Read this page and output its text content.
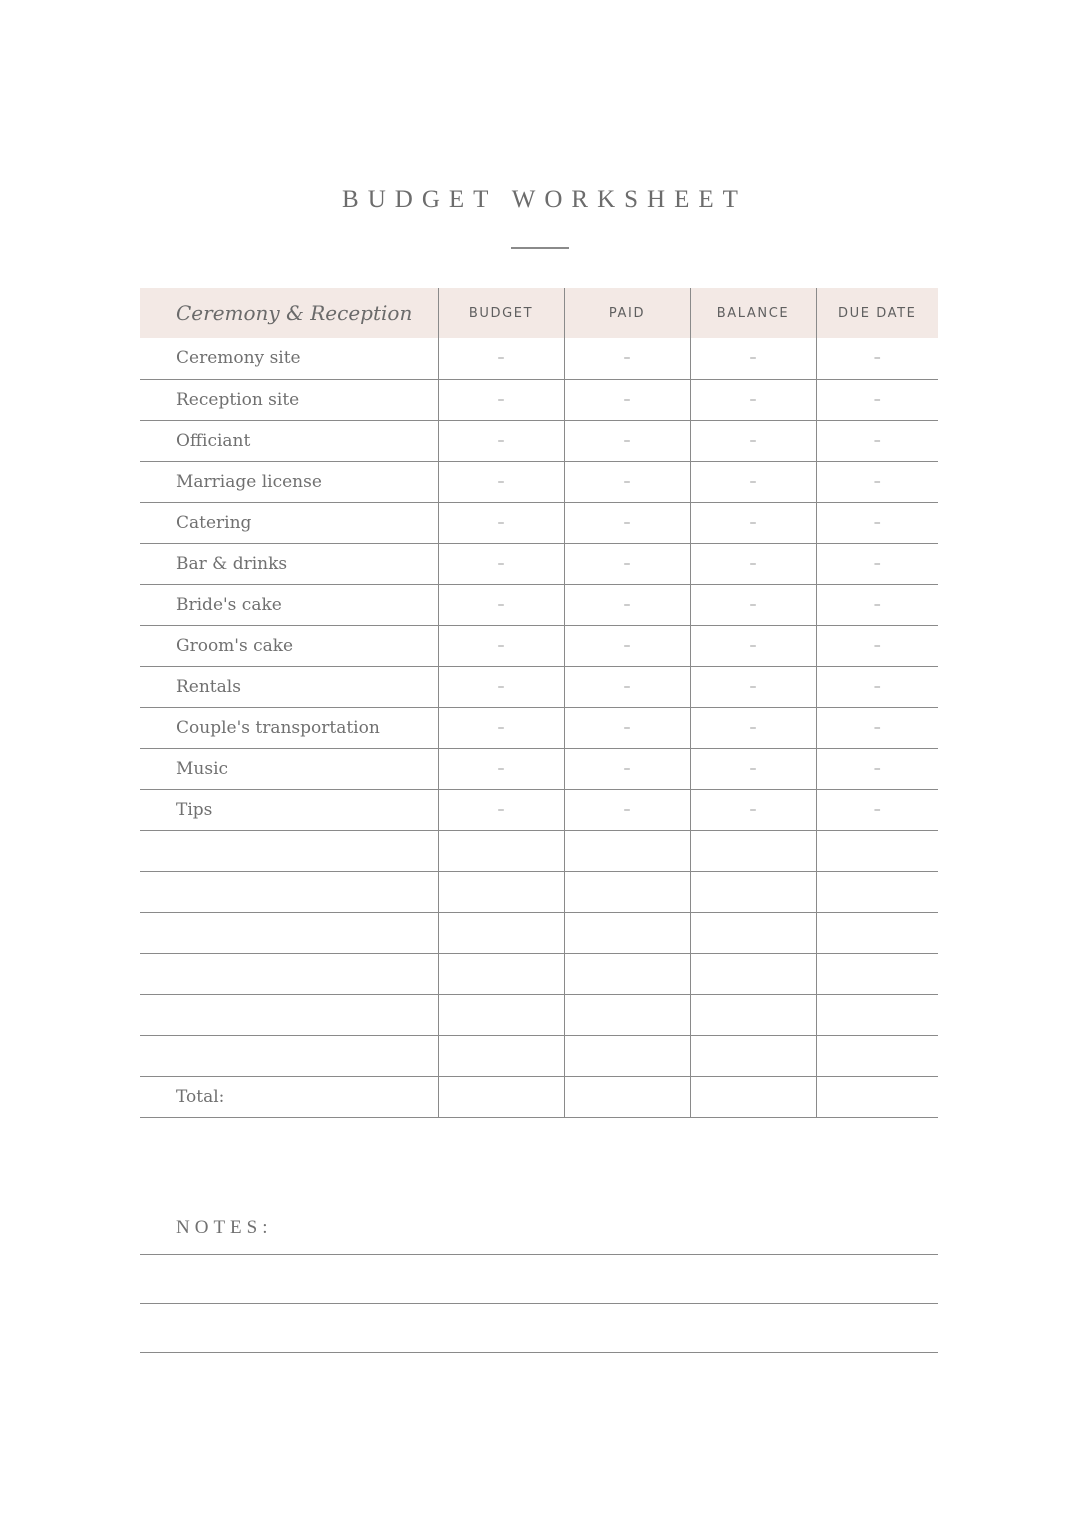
BUDGET WORKSHEET
Ceremony & Reception	BUDGET	PAID	BALANCE	DUE DATE
Ceremony site	–	–	–	–
Reception site	–	–	–	–
Officiant	–	–	–	–
Marriage license	–	–	–	–
Catering	–	–	–	–
Bar & drinks	–	–	–	–
Bride's cake	–	–	–	–
Groom's cake	–	–	–	–
Rentals	–	–	–	–
Couple's transportation	–	–	–	–
Music	–	–	–	–
Tips	–	–	–	–

Total:				
NOTES:
